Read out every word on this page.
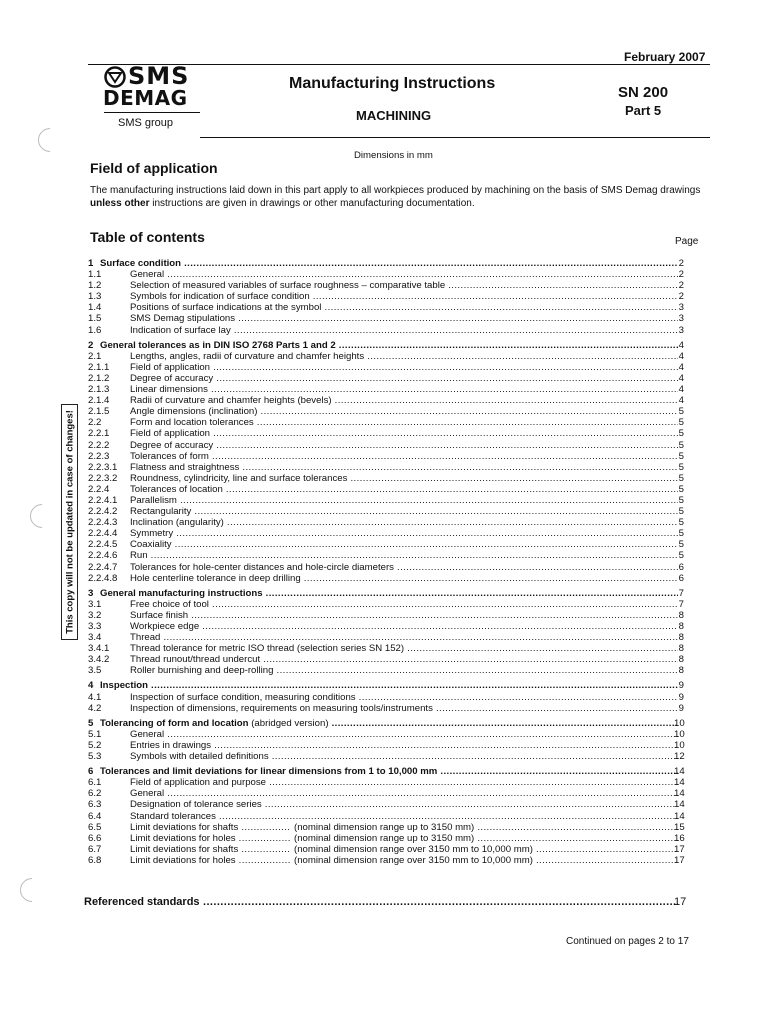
February 2007
SMS
DEMAG
SMS group
Manufacturing Instructions
MACHINING
SN 200
Part 5
Dimensions in mm
Field of application
The manufacturing instructions laid down in this part apply to all workpieces produced by machining on the basis of SMS Demag drawings unless other instructions are given in drawings or other manufacturing documentation.
Table of contents	Page
1 Surface condition .....	2
1.1	General .....	2
1.2	Selection of measured variables of surface roughness – comparative table .....	2
1.3	Symbols for indication of surface condition .....	2
1.4	Positions of surface indications at the symbol .....	3
1.5	SMS Demag stipulations .....	3
1.6	Indication of surface lay .....	3
2 General tolerances as in DIN ISO 2768 Parts 1 and 2 .....	4
2.1	Lengths, angles, radii of curvature and chamfer heights .....	4
2.1.1 Field of application .....	4
2.1.2 Degree of accuracy .....	4
2.1.3 Linear dimensions .....	4
2.1.4 Radii of curvature and chamfer heights (bevels) .....	4
2.1.5 Angle dimensions (inclination) .....	5
2.2	Form and location tolerances .....	5
2.2.1 Field of application .....	5
2.2.2 Degree of accuracy .....	5
2.2.3 Tolerances of form .....	5
2.2.3.1 Flatness and straightness .....	5
2.2.3.2 Roundness, cylindricity, line and surface tolerances .....	5
2.2.4 Tolerances of location .....	5
2.2.4.1 Parallelism .....	5
2.2.4.2 Rectangularity .....	5
2.2.4.3 Inclination (angularity) .....	5
2.2.4.4 Symmetry .....	5
2.2.4.5 Coaxiality .....	5
2.2.4.6 Run .....	5
2.2.4.7 Tolerances for hole-center distances and hole-circle diameters .....	6
2.2.4.8 Hole centerline tolerance in deep drilling .....	6
3 General manufacturing instructions .....	7
3.1	Free choice of tool .....	7
3.2	Surface finish .....	8
3.3	Workpiece edge .....	8
3.4	Thread .....	8
3.4.1 Thread tolerance for metric ISO thread (selection series SN 152) .....	8
3.4.2 Thread runout/thread undercut .....	8
3.5	Roller burnishing and deep-rolling .....	8
4 Inspection .....	9
4.1	Inspection of surface condition, measuring conditions .....	9
4.2	Inspection of dimensions, requirements on measuring tools/instruments .....	9
5 Tolerancing of form and location (abridged version) .....	10
5.1	General .....	10
5.2	Entries in drawings .....	10
5.3	Symbols with detailed definitions .....	12
6 Tolerances and limit deviations for linear dimensions from 1 to 10,000 mm .....	14
6.1	Field of application and purpose .....	14
6.2	General .....	14
6.3	Designation of tolerance series .....	14
6.4	Standard tolerances .....	14
6.5	Limit deviations for shafts .....	(nominal dimension range up to 3150 mm) .....	15
6.6	Limit deviations for holes .....	(nominal dimension range up to 3150 mm) .....	16
6.7	Limit deviations for shafts .....	(nominal dimension range over 3150 mm to 10,000 mm) .....	17
6.8	Limit deviations for holes .....	(nominal dimension range over 3150 mm to 10,000 mm) .....	17
Referenced standards .....	17
This copy will not be updated in case of changes!
Continued on pages 2 to 17
